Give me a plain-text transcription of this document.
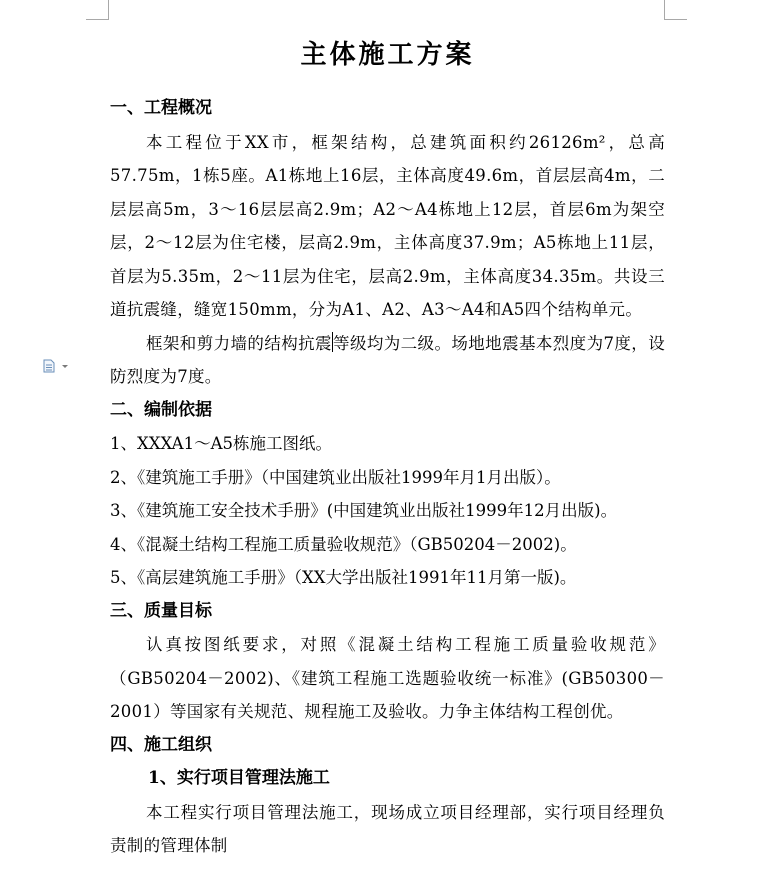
主体施工方案
一、工程概况

本工程位于XX市，框架结构，总建筑面积约26126m²，总高57.75m，1栋5座。A1栋地上16层，主体高度49.6m，首层层高4m，二层层高5m，3～16层层高2.9m；A2～A4栋地上12层，首层6m为架空层，2～12层为住宅楼，层高2.9m，主体高度37.9m；A5栋地上11层，首层为5.35m，2～11层为住宅，层高2.9m，主体高度34.35m。共设三道抗震缝，缝宽150mm，分为A1、A2、A3～A4和A5四个结构单元。

框架和剪力墙的结构抗震等级均为二级。场地地震基本烈度为7度，设防烈度为7度。

二、编制依据
1、XXXA1～A5栋施工图纸。
2、《建筑施工手册》（中国建筑业出版社1999年月1月出版）。
3、《建筑施工安全技术手册》(中国建筑业出版社1999年12月出版)。
4、《混凝土结构工程施工质量验收规范》（GB50204－2002)。
5、《高层建筑施工手册》（XX大学出版社1991年11月第一版)。
三、质量目标

认真按图纸要求，对照《混凝土结构工程施工质量验收规范》（GB50204－2002)、《建筑工程施工选题验收统一标准》(GB50300－2001）等国家有关规范、规程施工及验收。力争主体结构工程创优。

四、施工组织
1、实行项目管理法施工

本工程实行项目管理法施工，现场成立项目经理部，实行项目经理负责制的管理体制
